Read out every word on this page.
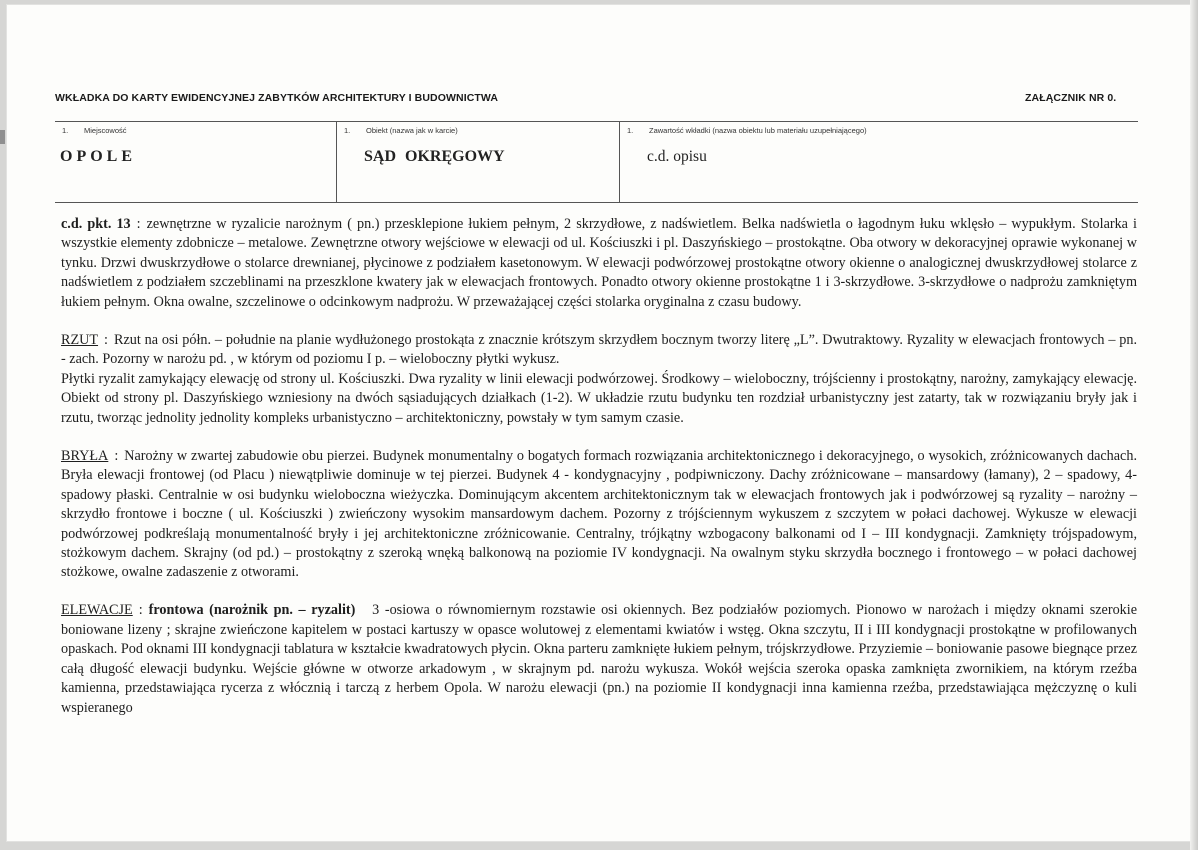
WKŁADKA DO KARTY EWIDENCYJNEJ ZABYTKÓW ARCHITEKTURY I BUDOWNICTWA	ZAŁĄCZNIK NR 0.
1. Miejscowość
OPOLE
1. Obiekt (nazwa jak w karcie)
SĄD OKRĘGOWY
1. Zawartość wkładki (nazwa obiektu lub materiału uzupełniającego)
c.d. opisu

c.d. pkt. 13 : zewnętrzne w ryzalicie narożnym ( pn.) przesklepione łukiem pełnym, 2 skrzydłowe, z nadświetlem. Belka nadświetla o łagodnym łuku wklęsło – wypukłym. Stolarka i wszystkie elementy zdobnicze – metalowe. Zewnętrzne otwory wejściowe w elewacji od ul. Kościuszki i pl. Daszyńskiego – prostokątne. Oba otwory w dekoracyjnej oprawie wykonanej w tynku. Drzwi dwuskrzydłowe o stolarce drewnianej, płycinowe z podziałem kasetonowym. W elewacji podwórzowej prostokątne otwory okienne o analogicznej dwuskrzydłowej stolarce z nadświetlem z podziałem szczeblinami na przeszklone kwatery jak w elewacjach frontowych. Ponadto otwory okienne prostokątne 1 i 3-skrzydłowe. 3-skrzydłowe o nadprożu zamkniętym łukiem pełnym. Okna owalne, szczelinowe o odcinkowym nadprożu. W przeważającej części stolarka oryginalna z czasu budowy.

RZUT : Rzut na osi półn. – południe na planie wydłużonego prostokąta z znacznie krótszym skrzydłem bocznym tworzy literę „L”. Dwutraktowy. Ryzality w elewacjach frontowych – pn. - zach. Pozorny w narożu pd. , w którym od poziomu I p. – wieloboczny płytki wykusz.
Płytki ryzalit zamykający elewację od strony ul. Kościuszki. Dwa ryzality w linii elewacji podwórzowej. Środkowy – wieloboczny, trójścienny i prostokątny, narożny, zamykający elewację. Obiekt od strony pl. Daszyńskiego wzniesiony na dwóch sąsiadujących działkach (1-2). W układzie rzutu budynku ten rozdział urbanistyczny jest zatarty, tak w rozwiązaniu bryły jak i rzutu, tworząc jednolity jednolity kompleks urbanistyczno – architektoniczny, powstały w tym samym czasie.

BRYŁA : Narożny w zwartej zabudowie obu pierzei. Budynek monumentalny o bogatych formach rozwiązania architektonicznego i dekoracyjnego, o wysokich, zróżnicowanych dachach. Bryła elewacji frontowej (od Placu ) niewątpliwie dominuje w tej pierzei. Budynek 4 - kondygnacyjny , podpiwniczony. Dachy zróżnicowane – mansardowy (łamany), 2 – spadowy, 4-spadowy płaski. Centralnie w osi budynku wieloboczna wieżyczka. Dominującym akcentem architektonicznym tak w elewacjach frontowych jak i podwórzowej są ryzality – narożny – skrzydło frontowe i boczne ( ul. Kościuszki ) zwieńczony wysokim mansardowym dachem. Pozorny z trójściennym wykuszem z szczytem w połaci dachowej. Wykusze w elewacji podwórzowej podkreślają monumentalność bryły i jej architektoniczne zróżnicowanie. Centralny, trójkątny wzbogacony balkonami od I – III kondygnacji. Zamknięty trójspadowym, stożkowym dachem. Skrajny (od pd.) – prostokątny z szeroką wnęką balkonową na poziomie IV kondygnacji. Na owalnym styku skrzydła bocznego i frontowego – w połaci dachowej stożkowe, owalne zadaszenie z otworami.

ELEWACJE : frontowa (narożnik pn. – ryzalit) 3 -osiowa o równomiernym rozstawie osi okiennych. Bez podziałów poziomych. Pionowo w narożach i między oknami szerokie boniowane lizeny ; skrajne zwieńczone kapitelem w postaci kartuszy w opasce wolutowej z elementami kwiatów i wstęg. Okna szczytu, II i III kondygnacji prostokątne w profilowanych opaskach. Pod oknami III kondygnacji tablatura w kształcie kwadratowych płycin. Okna parteru zamknięte łukiem pełnym, trójskrzydłowe. Przyziemie – boniowanie pasowe biegnące przez całą długość elewacji budynku. Wejście główne w otworze arkadowym , w skrajnym pd. narożu wykusza. Wokół wejścia szeroka opaska zamknięta zwornikiem, na którym rzeźba kamienna, przedstawiająca rycerza z włócznią i tarczą z herbem Opola. W narożu elewacji (pn.) na poziomie II kondygnacji inna kamienna rzeźba, przedstawiająca mężczyznę o kuli wspieranego
